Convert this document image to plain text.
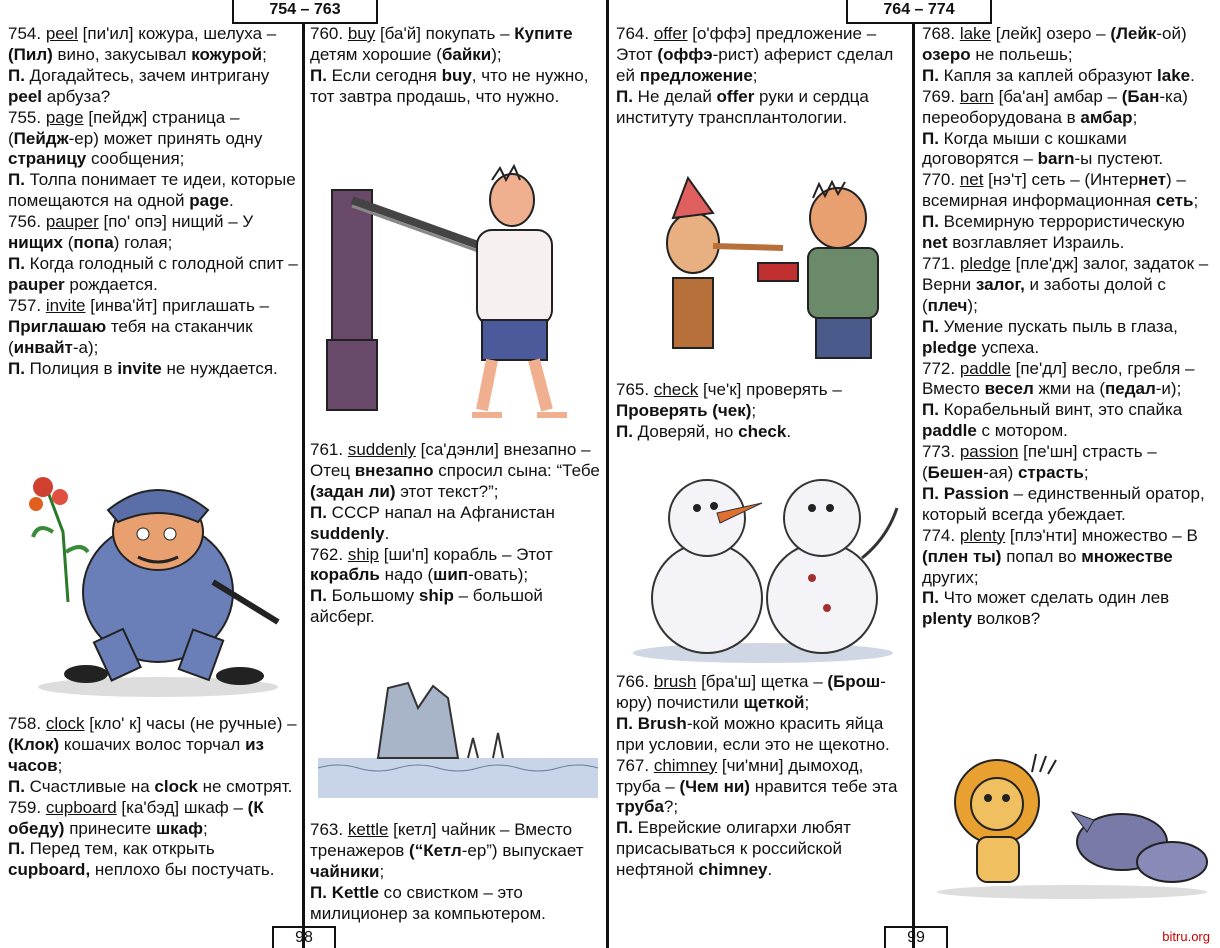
754 – 763	764 – 774

754. peel [пи'ил] кожура, шелуха – (Пил) вино, закусывал кожурой;

П. Догадайтесь, зачем интригану peel арбуза?

755. page [пейдж] страница – (Пейдж-ер) может принять одну страницу сообщения;

П. Толпа понимает те идеи, которые помещаются на одной page.

756. pauper [по' опэ] нищий – У нищих (попа) голая;

П. Когда голодный с голодной спит – pauper рождается.

757. invite [инва'йт] приглашать – Приглашаю тебя на стаканчик (инвайт-а);

П. Полиция в invite не нуждается.

758. clock [кло' к] часы (не ручные) – (Клок) кошачих волос торчал из часов;

П. Счастливые на clock не смотрят.

759. cupboard [ка'бэд] шкаф – (К обеду) принесите шкаф;

П. Перед тем, как открыть cupboard, неплохо бы постучать.

760. buy [ба'й] покупать – Купите детям хорошие (байки);

П. Если сегодня buy, что не нужно, тот завтра продашь, что нужно.

761. suddenly [са'дэнли] внезапно – Отец внезапно спросил сына: “Тебе (задан ли) этот текст?”;

П. СССР напал на Афганистан suddenly.

762. ship [ши'п] корабль – Этот корабль надо (шип-овать);

П. Большому ship – большой айсберг.

763. kettle [кетл] чайник – Вместо тренажеров (“Кетл-ер”) выпускает чайники;

П. Kettle со свистком – это милиционер за компьютером.

764. offer [о'ффэ] предложение – Этот (оффэ-рист) аферист сделал ей предложение;

П. Не делай offer руки и сердца институту трансплантологии.

765. check [че'к] проверять – Проверять (чек);

П. Доверяй, но check.

766. brush [бра'ш] щетка – (Брош-юру) почистили щеткой;

П. Brush-кой можно красить яйца при условии, если это не щекотно.

767. chimney [чи'мни] дымоход, труба – (Чем ни) нравится тебе эта труба?;

П. Еврейские олигархи любят присасываться к российской нефтяной chimney.

768. lake [лейк] озеро – (Лейк-ой) озеро не польешь;

П. Капля за каплей образуют lake.

769. barn [ба'ан] амбар – (Бан-ка) переоборудована в амбар;

П. Когда мыши с кошками договорятся – barn-ы пустеют.

770. net [нэ'т] сеть – (Интернет) – всемирная информационная сеть;

П. Всемирную террористическую net возглавляет Израиль.

771. pledge [пле'дж] залог, задаток – Верни залог, и заботы долой с (плеч);

П. Умение пускать пыль в глаза, pledge успеха.

772. paddle [пе'дл] весло, гребля – Вместо весел жми на (педал-и);

П. Корабельный винт, это спайка paddle с мотором.

773. passion [пе'шн] страсть – (Бешен-ая) страсть;

П. Passion – единственный оратор, который всегда убеждает.

774. plenty [плэ'нти] множество – В (плен ты) попал во множестве других;

П. Что может сделать один лев plenty волков?

98	99	bitru.org
